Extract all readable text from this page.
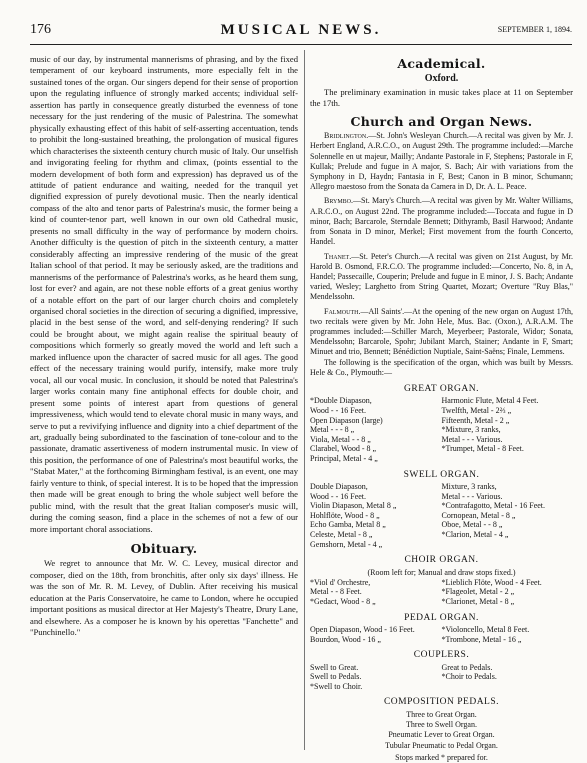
176	MUSICAL NEWS.	SEPTEMBER 1, 1894.

music of our day, by instrumental mannerisms of phrasing, and by the fixed temperament of our keyboard instruments, more especially felt in the sustained tones of the organ. Our singers depend for their sense of proportion upon the regulating influence of strongly marked accents; individual self-assertion has partly in consequence greatly disturbed the evenness of tone necessary for the just rendering of the music of Palestrina. The somewhat physically exhausting effect of this habit of self-asserting accentuation, tends to prohibit the long-sustained breathing, the prolongation of musical figures which characterises the sixteenth century church music of Italy. Our unselfish and invigorating feeling for rhythm and climax, (points essential to the modern development of both form and expression) has depraved us of the attitude of patient endurance and waiting, needed for the tranquil yet dignified expression of purely devotional music. Then the nearly identical compass of the alto and tenor parts of Palestrina's music, the former being a kind of counter-tenor part, well known in our own old Cathedral music, presents no small difficulty in the way of performance by modern choirs. Another difficulty is the question of pitch in the sixteenth century, a matter considerably affecting an impressive rendering of the music of the great Italian school of that period. It may be seriously asked, are the traditions and mannerisms of the performance of Palestrina's works, as he heard them sung, lost for ever? and again, are not these noble efforts of a great genius worthy of a notable effort on the part of our larger church choirs and completely organised choral societies in the direction of securing a dignified, impressive, placid in the best sense of the word, and self-denying rendering? If such could be brought about, we might again realise the spiritual beauty of compositions which formerly so greatly moved the world and left such a marked influence upon the character of sacred music for all ages. The good effect of the necessary training would purify, intensify, make more truly vocal, all our vocal music. In conclusion, it should be noted that Palestrina's larger works contain many fine antiphonal effects for double choir, and present some points of interest apart from questions of general impressiveness, which would tend to elevate choral music in many ways, and serve to put a revivifying influence and dignity into a chief department of the art, gradually being subordinated to the fascination of tone-colour and to the passionate, dramatic assertiveness of modern instrumental music. In view of this position, the performance of one of Palestrina's most beautiful works, the "Stabat Mater," at the forthcoming Birmingham festival, is an event, one may fairly venture to think, of special interest. It is to be hoped that the impression then made will be great enough to bring the whole subject well before the public mind, with the result that the great Italian composer's music will, during the coming season, find a place in the schemes of not a few of our more important choral associations.

Obituary.

We regret to announce that Mr. W. C. Levey, musical director and composer, died on the 18th, from bronchitis, after only six days' illness. He was the son of Mr. R. M. Levey, of Dublin. After receiving his musical education at the Paris Conservatoire, he came to London, where he occupied important positions as musical director at Her Majesty's Theatre, Drury Lane, and elsewhere. As a composer he is known by his operettas "Fanchette" and "Punchinello."

Academical.
Oxford.

The preliminary examination in music takes place at 11 on September the 17th.

Church and Organ News.

Bridlington.—St. John's Wesleyan Church.—A recital was given by Mr. J. Herbert England, A.R.C.O., on August 29th. The programme included:—Marche Solennelle en ut majeur, Mailly; Andante Pastorale in F, Stephens; Pastorale in F, Kullak; Prelude and fugue in A major, S. Bach; Air with variations from the Symphony in D, Haydn; Fantasia in F, Best; Canon in B minor, Schumann; Allegro maestoso from the Sonata da Camera in D, Dr. A. L. Peace.

Brymbo.—St. Mary's Church.—A recital was given by Mr. Walter Williams, A.R.C.O., on August 22nd. The programme included:—Toccata and fugue in D minor, Bach; Barcarole, Sterndale Bennett; Dithyramb, Basil Harwood; Andante from Sonata in D minor, Merkel; First movement from the fourth Concerto, Handel.

Thanet.—St. Peter's Church.—A recital was given on 21st August, by Mr. Harold B. Osmond, F.R.C.O. The programme included:—Concerto, No. 8, in A, Handel; Passecaille, Couperin; Prelude and fugue in E minor, J. S. Bach; Andante varied, Wesley; Larghetto from String Quartet, Mozart; Overture "Ruy Blas," Mendelssohn.

Falmouth.—All Saints'.—At the opening of the new organ on August 17th, two recitals were given by Mr. John Hele, Mus. Bac. (Oxon.), A.R.A.M. The programmes included:—Schiller March, Meyerbeer; Pastorale, Widor; Sonata, Mendelssohn; Barcarole, Spohr; Jubilant March, Stainer; Andante in F, Smart; Minuet and trio, Bennett; Bénédiction Nuptiale, Saint-Saëns; Finale, Lemmens.

The following is the specification of the organ, which was built by Messrs. Hele & Co., Plymouth:—

GREAT ORGAN.
*Double Diapason,	Harmonic Flute, Metal 4 Feet.
Wood - - 16 Feet.	Twelfth, Metal - 2⅔ „
Open Diapason (large)	Fifteenth, Metal - 2 „
Metal - - - 8 „	*Mixture, 3 ranks,
Viola, Metal - - 8 „	Metal - - - Various.
Clarabel, Wood - 8 „	*Trumpet, Metal - 8 Feet.
Principal, Metal - 4 „	
SWELL ORGAN.
Double Diapason,	Mixture, 3 ranks,
Wood - - 16 Feet.	Metal - - - Various.
Violin Diapason, Metal 8 „	*Contrafagotto, Metal - 16 Feet.
Hohlflöte, Wood - 8 „	Cornopean, Metal - 8 „
Echo Gamba, Metal 8 „	Oboe, Metal - - 8 „
Celeste, Metal - 8 „	*Clarion, Metal - 4 „
Gemshorn, Metal - 4 „	
CHOIR ORGAN.
(Room left for; Manual and draw stops fixed.)
*Viol d' Orchestre,	*Lieblich Flöte, Wood - 4 Feet.
Metal - - 8 Feet.	*Flageolet, Metal - 2 „
*Gedact, Wood - 8 „	*Clarionet, Metal - 8 „
PEDAL ORGAN.
Open Diapason, Wood - 16 Feet.	*Violoncello, Metal 8 Feet.
Bourdon, Wood - 16 „	*Trombone, Metal - 16 „
COUPLERS.
Swell to Great.	Great to Pedals.
Swell to Pedals.	*Choir to Pedals.
*Swell to Choir.	
COMPOSITION PEDALS.
Three to Great Organ.
Three to Swell Organ.
Pneumatic Lever to Great Organ.
Tubular Pneumatic to Pedal Organ.
Stops marked * prepared for.
